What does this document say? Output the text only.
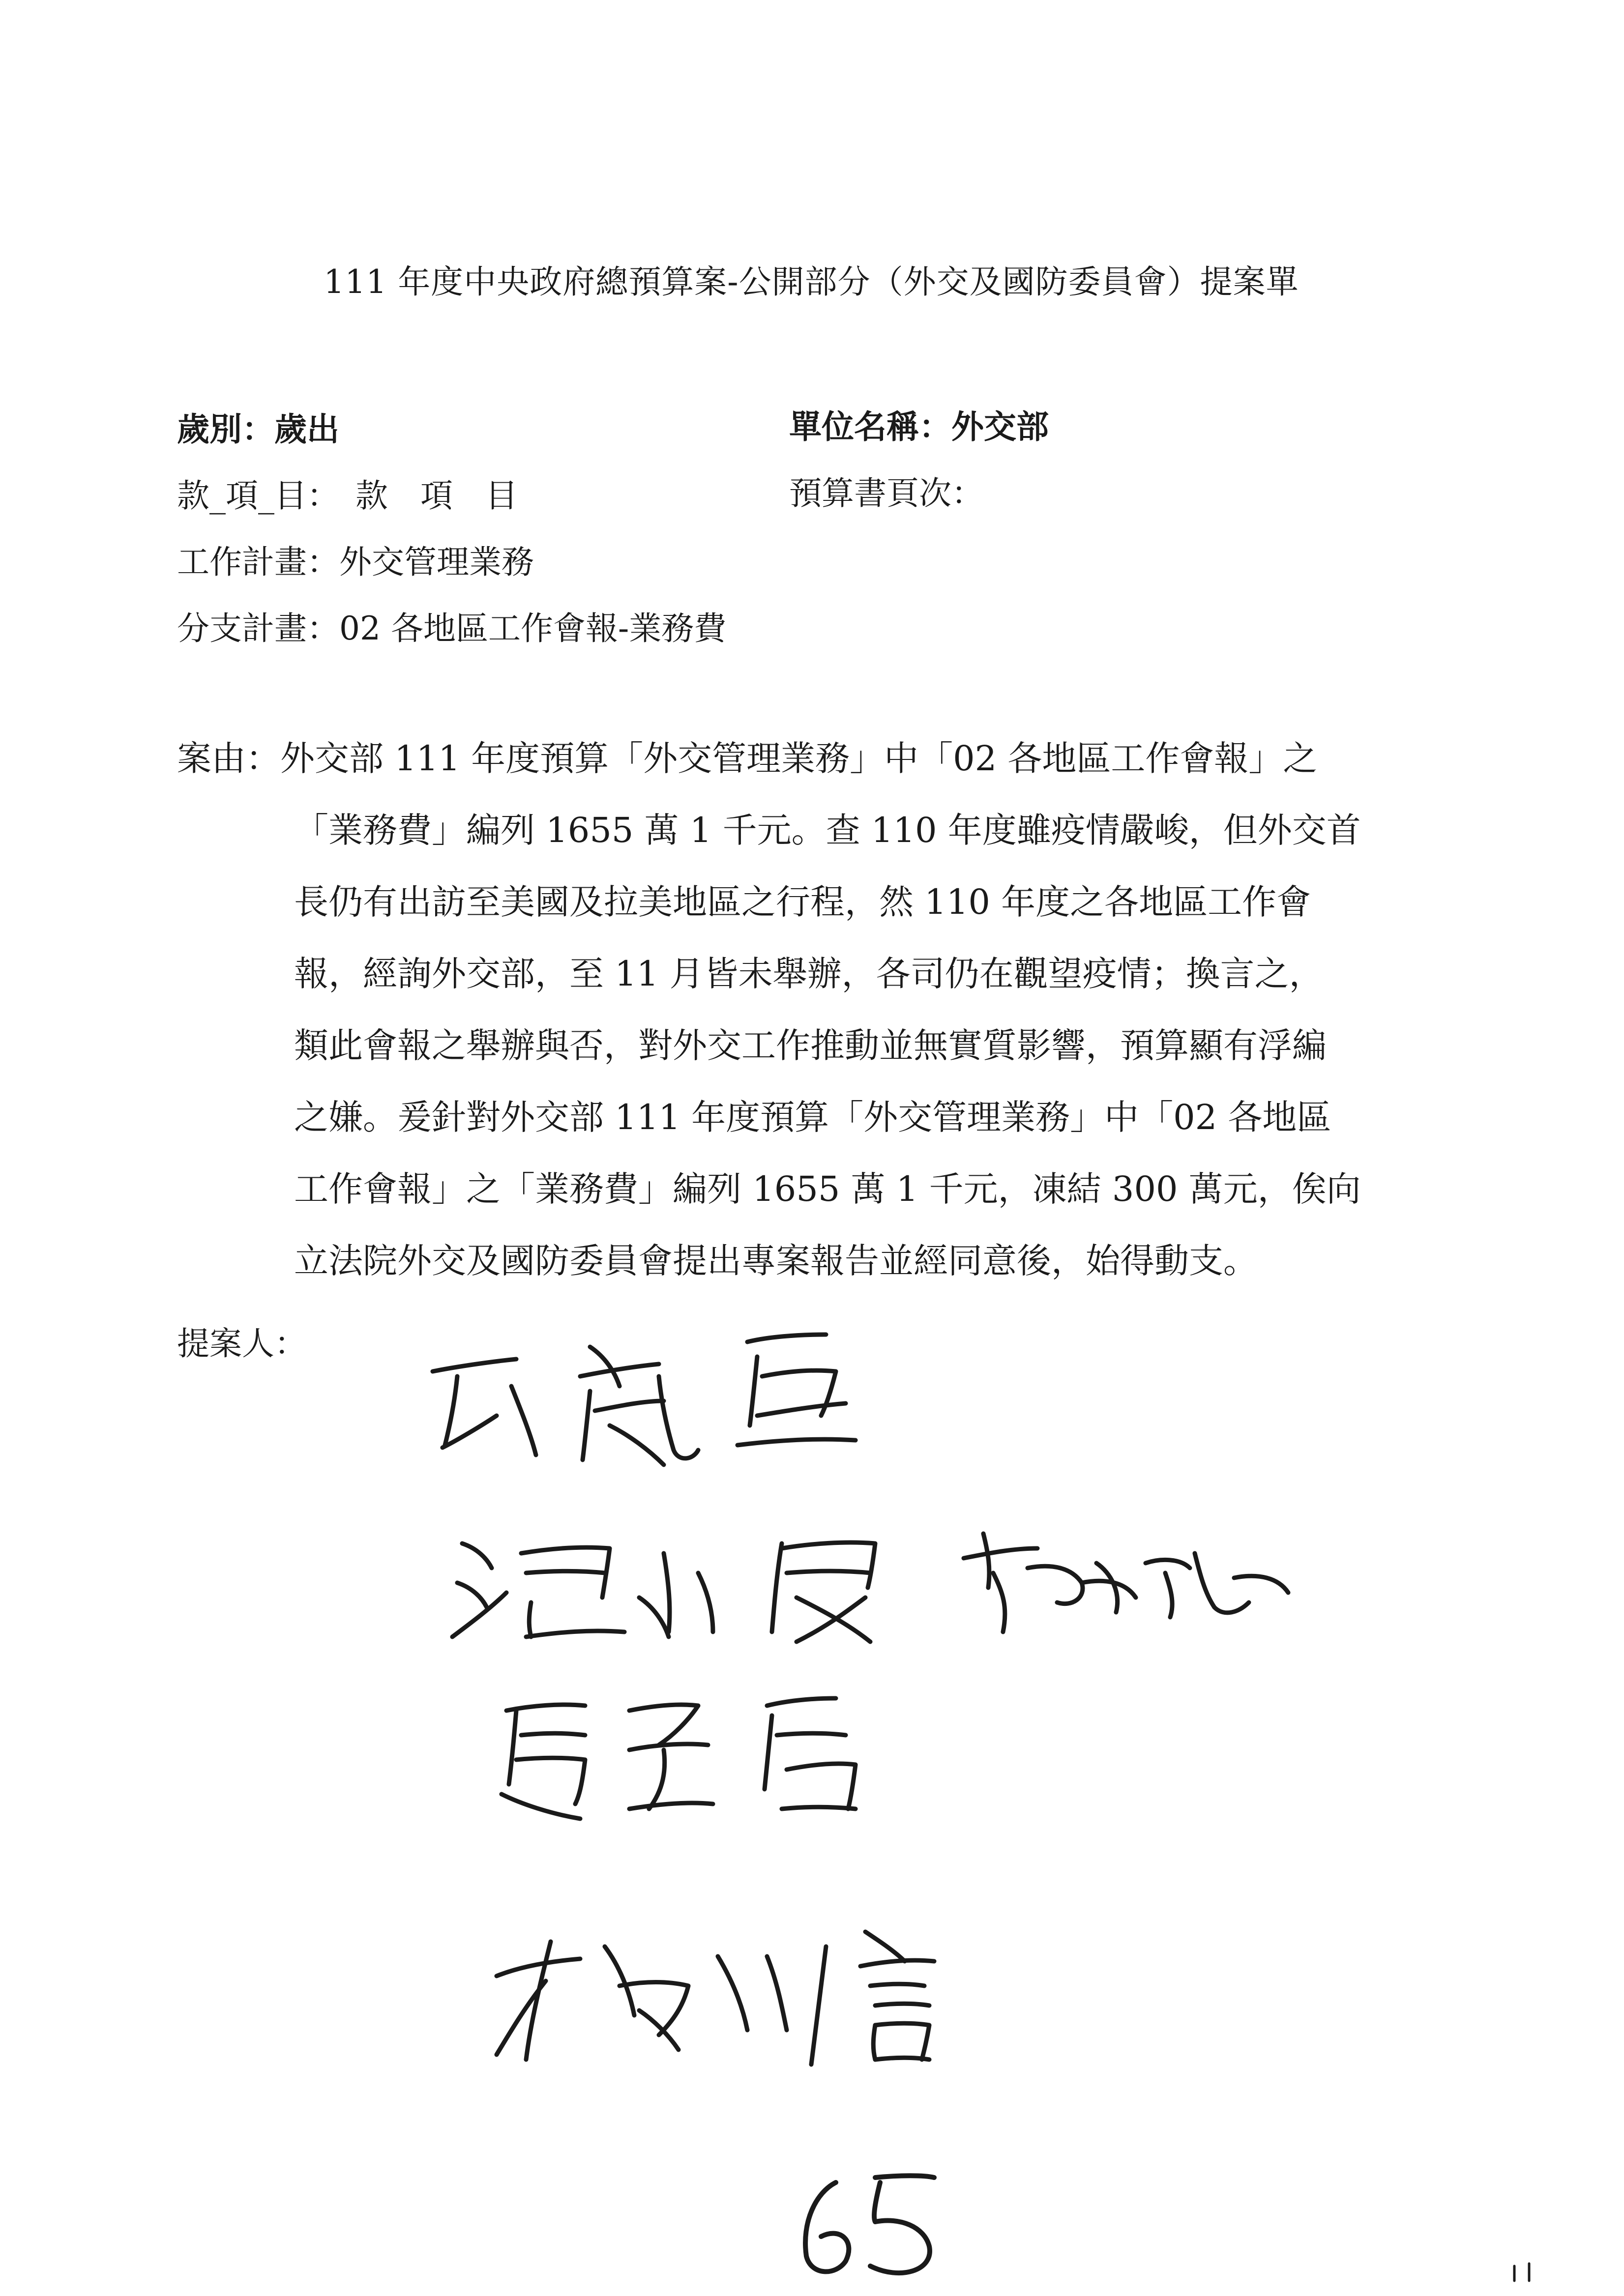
111 年度中央政府總預算案-公開部分（外交及國防委員會）提案單
歲別：歲出	單位名稱：外交部
款_項_目：　款　項　目	預算書頁次：
工作計畫：外交管理業務
分支計畫：02 各地區工作會報-業務費
案由：外交部 111 年度預算「外交管理業務」中「02 各地區工作會報」之
「業務費」編列 1655 萬 1 千元。查 110 年度雖疫情嚴峻，但外交首
長仍有出訪至美國及拉美地區之行程，然 110 年度之各地區工作會
報，經詢外交部，至 11 月皆未舉辦，各司仍在觀望疫情；換言之，
類此會報之舉辦與否，對外交工作推動並無實質影響，預算顯有浮編
之嫌。爰針對外交部 111 年度預算「外交管理業務」中「02 各地區
工作會報」之「業務費」編列 1655 萬 1 千元，凍結 300 萬元，俟向
立法院外交及國防委員會提出專案報告並經同意後，始得動支。
提案人：
